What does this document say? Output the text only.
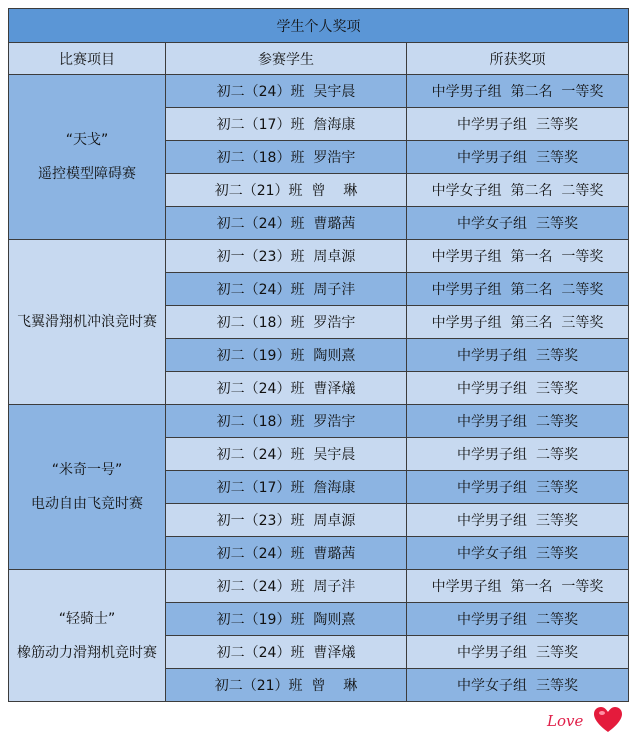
学生个人奖项		
比赛项目	参赛学生	所获奖项

“天戈”
遥控模型障碍赛	初二（24）班  吴宇晨	中学男子组  第二名  一等奖
	初二（17）班  詹海康	中学男子组  三等奖
	初二（18）班  罗浩宇	中学男子组  三等奖
	初二（21）班  曾    琳	中学女子组  第二名  二等奖
	初二（24）班  曹璐茜	中学女子组  三等奖

飞翼滑翔机冲浪竞时赛	初一（23）班  周卓源	中学男子组  第一名  一等奖
	初二（24）班  周子沣	中学男子组  第二名  二等奖
	初二（18）班  罗浩宇	中学男子组  第三名  三等奖
	初二（19）班  陶则熹	中学男子组  三等奖
	初二（24）班  曹泽燨	中学男子组  三等奖

“米奇一号”
电动自由飞竞时赛	初二（18）班  罗浩宇	中学男子组  二等奖
	初二（24）班  吴宇晨	中学男子组  二等奖
	初二（17）班  詹海康	中学男子组  三等奖
	初一（23）班  周卓源	中学男子组  三等奖
	初二（24）班  曹璐茜	中学女子组  三等奖

“轻骑士”
橡筋动力滑翔机竞时赛	初二（24）班  周子沣	中学男子组  第一名  一等奖
	初二（19）班  陶则熹	中学男子组  二等奖
	初二（24）班  曹泽燨	中学男子组  三等奖
	初二（21）班  曾    琳	中学女子组  三等奖
Love
